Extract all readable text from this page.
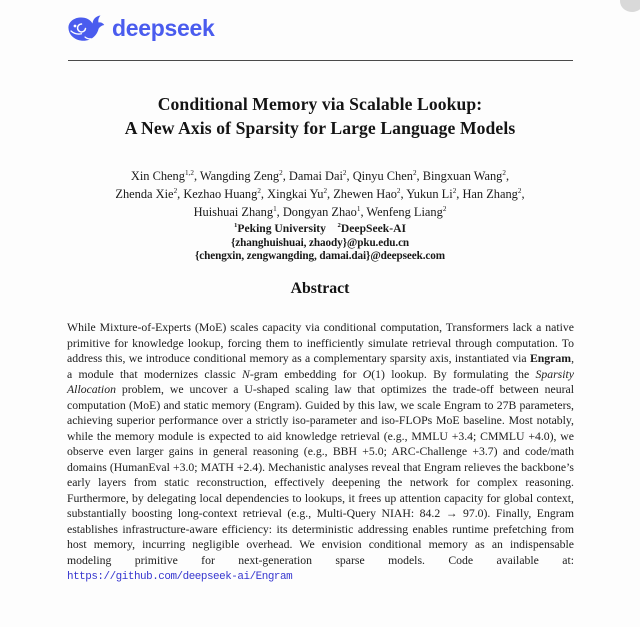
deepseek
Conditional Memory via Scalable Lookup:
A New Axis of Sparsity for Large Language Models
Xin Cheng$^{1,2}$, Wangding Zeng$^2$, Damai Dai$^2$, Qinyu Chen$^2$, Bingxuan Wang$^2$,
Zhenda Xie$^2$, Kezhao Huang$^2$, Xingkai Yu$^2$, Zhewen Hao$^2$, Yukun Li$^2$, Han Zhang$^2$,
Huishuai Zhang$^1$, Dongyan Zhao$^1$, Wenfeng Liang$^2$
$^1$Peking University    $^2$DeepSeek-AI
{zhanghuishuai, zhaody}@pku.edu.cn
{chengxin, zengwangding, damai.dai}@deepseek.com
Abstract
While Mixture-of-Experts (MoE) scales capacity via conditional computation, Transformers lack a native primitive for knowledge lookup, forcing them to inefficiently simulate retrieval through computation. To address this, we introduce conditional memory as a complementary sparsity axis, instantiated via Engram, a module that modernizes classic N-gram embedding for O(1) lookup. By formulating the Sparsity Allocation problem, we uncover a U-shaped scaling law that optimizes the trade-off between neural computation (MoE) and static memory (Engram). Guided by this law, we scale Engram to 27B parameters, achieving superior performance over a strictly iso-parameter and iso-FLOPs MoE baseline. Most notably, while the memory module is expected to aid knowledge retrieval (e.g., MMLU +3.4; CMMLU +4.0), we observe even larger gains in general reasoning (e.g., BBH +5.0; ARC-Challenge +3.7) and code/math domains (HumanEval +3.0; MATH +2.4). Mechanistic analyses reveal that Engram relieves the backbone’s early layers from static reconstruction, effectively deepening the network for complex reasoning. Furthermore, by delegating local dependencies to lookups, it frees up attention capacity for global context, substantially boosting long-context retrieval (e.g., Multi-Query NIAH: 84.2 → 97.0). Finally, Engram establishes infrastructure-aware efficiency: its deterministic addressing enables runtime prefetching from host memory, incurring negligible overhead. We envision conditional memory as an indispensable modeling primitive for next-generation sparse models. Code available at: https://github.com/deepseek-ai/Engram
